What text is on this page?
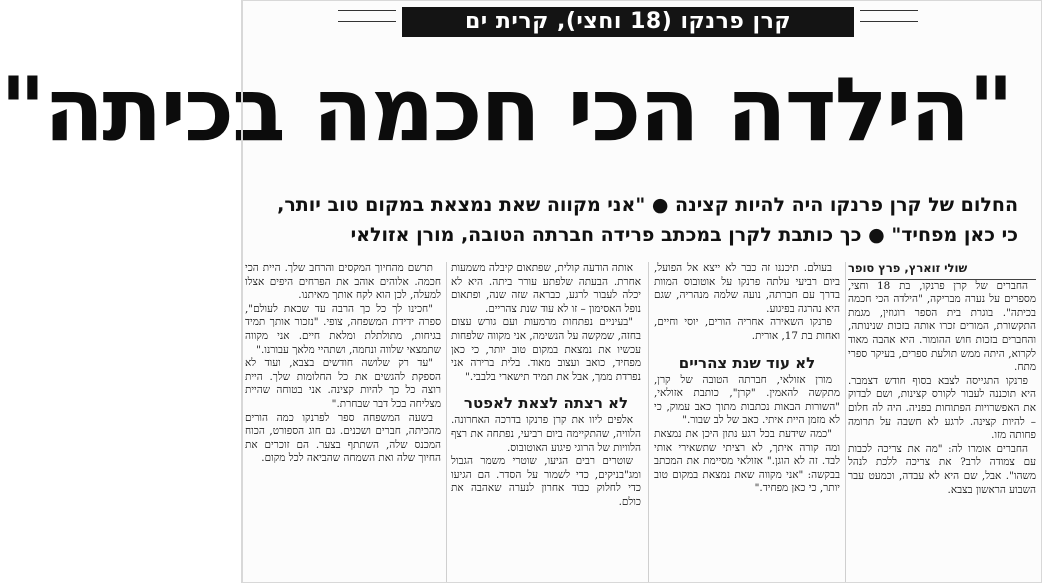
קרן פרנקו (18 וחצי), קרית ים
"הילדה הכי חכמה בכיתה"
החלום של קרן פרנקו היה להיות קצינה ● "אני מקווה שאת נמצאת במקום טוב יותר,
כי כאן מפחיד" ● כך כותבת לקרן במכתב פרידה חברתה הטובה, מורן אזולאי

שולי זוארץ, פרץ סופר

החברים של קרן פרנקו, בת 18 וחצי, מספרים על נערה מבריקה, "הילדה הכי חכמה בכיתה". בוגרת בית הספר רוגוזין, מגמת התקשורת, המורים זכרו אותה בזכות שנינותה, והחברים בזכות חוש ההומור. היא אהבה מאוד לקרוא, היתה ממש תולעת ספרים, בעיקר ספרי מתח.

פרנקו התגייסה לצבא בסוף חודש דצמבר. היא תוכננה לעבור לקורס קצינות, ושם לבדוק את האפשרויות הפתוחות בפניה. היה לה חלום – להיות קצינה. לרגע לא חשבה על תרומה פחותה מזו.

החברים אומרו לה: "מה את צריכה לכבות עם צמודה לרב? את צריכה ללכת לנהל משהו". אבל, שם היא לא עבדה, וכמעט עבר השבוע הראשון בצבא.

בעולם. תיכננו זה כבר לא ייצא אל הפועל, ביום רביעי עלתה פרנקו על אוטובוס המוות בדרך עם חברתה, נועה שלמה מנהריה, שגם היא נהרגה בפיגוע.

פרנקו השאירה אחריה הורים, יוסי וחיים, ואחות בת 17, אורית.

לא עוד שנת צהריים

מורן אזולאי, חברתה הטובה של קרן, מתקשה להאמין. "קרן", כותבת אזולאי, "השורות הבאות נכתבות מתוך כאב עמוק, כי לא מזמן היית איתי. כאב של לב שבור."

"כמה שידעת בכל רגע נתון היכן את נמצאת ומה קורה איתך, לא רציתי שתשאירי אותי לבד. זה לא הוגן." אזולאי מסיימת את המכתב בבקשה: "אני מקווה שאת נמצאת במקום טוב יותר, כי כאן מפחיד."

אותה הודעה קולית, שפתאום קיבלה משמעות אחרת. הבעתה שלפתע עורר ביתה. היא לא יכלה לעבור לרגע, כבראה שזה שנה, ופתאום נופל האסימון – זו לא עוד שנת צהריים.

"בעיניים נפתחות מרמעות ועם גורש עצום בחזה, שמקשה על הנשימה, אני מקווה שלפחות עכשיו את נמצאת במקום טוב יותר, כי כאן מפחיד, כואב ועצוב מאוד. בלית ברירה אני נפרדת ממך, אבל את תמיד תישארי בלבבי."

לא רצתה לצאת לאפטר

אלפים ליוו את קרן פרנקו בדרכה האחרונה. הלוויה, שהתקיימה ביום רביעי, נפתחה את רצף הלוויות של הרוגי פיגוע האוטובוס.

שוטרים רבים הגיעו, שוטרי משמר הגבול ומג"בניקים, כדי לשמור על הסדר. הם הגיעו כדי לחלוק כבוד אחרון לנערה שאהבה את כולם.

תרשם מהחיוך המקסים והרחב שלך. היית הכי חכמה. אלוהים אוהב את הפרחים היפים אצלו למעלה, לכן הוא לקח אותך מאיתנו.

"חכינו לך כל כך הרבה עד שכאת לעולם", ספרה ידידת המשפחה, צופי. "נזכור אותך תמיד בגיחות, מתולתלת ומלאת חיים. אני מקווה שתמצאי שלווה ונחמה, ושתהיי מלאך עבורנו."

"עד רק שלושה חודשים בצבא, ועוד לא הספקת להגשים את כל החלומות שלך. היית רוצה כל כך להיות קצינה. אני בטוחה שהיית מצליחה בכל דבר שבחרת."

בשעה המשפחה ספר לפרנקו כמה הורים מהכיתה, חברים ושכנים. גם חוג הספורט, הכוח המכנס שלה, השתתף בצער. הם זוכרים את החיוך שלה ואת השמחה שהביאה לכל מקום.
